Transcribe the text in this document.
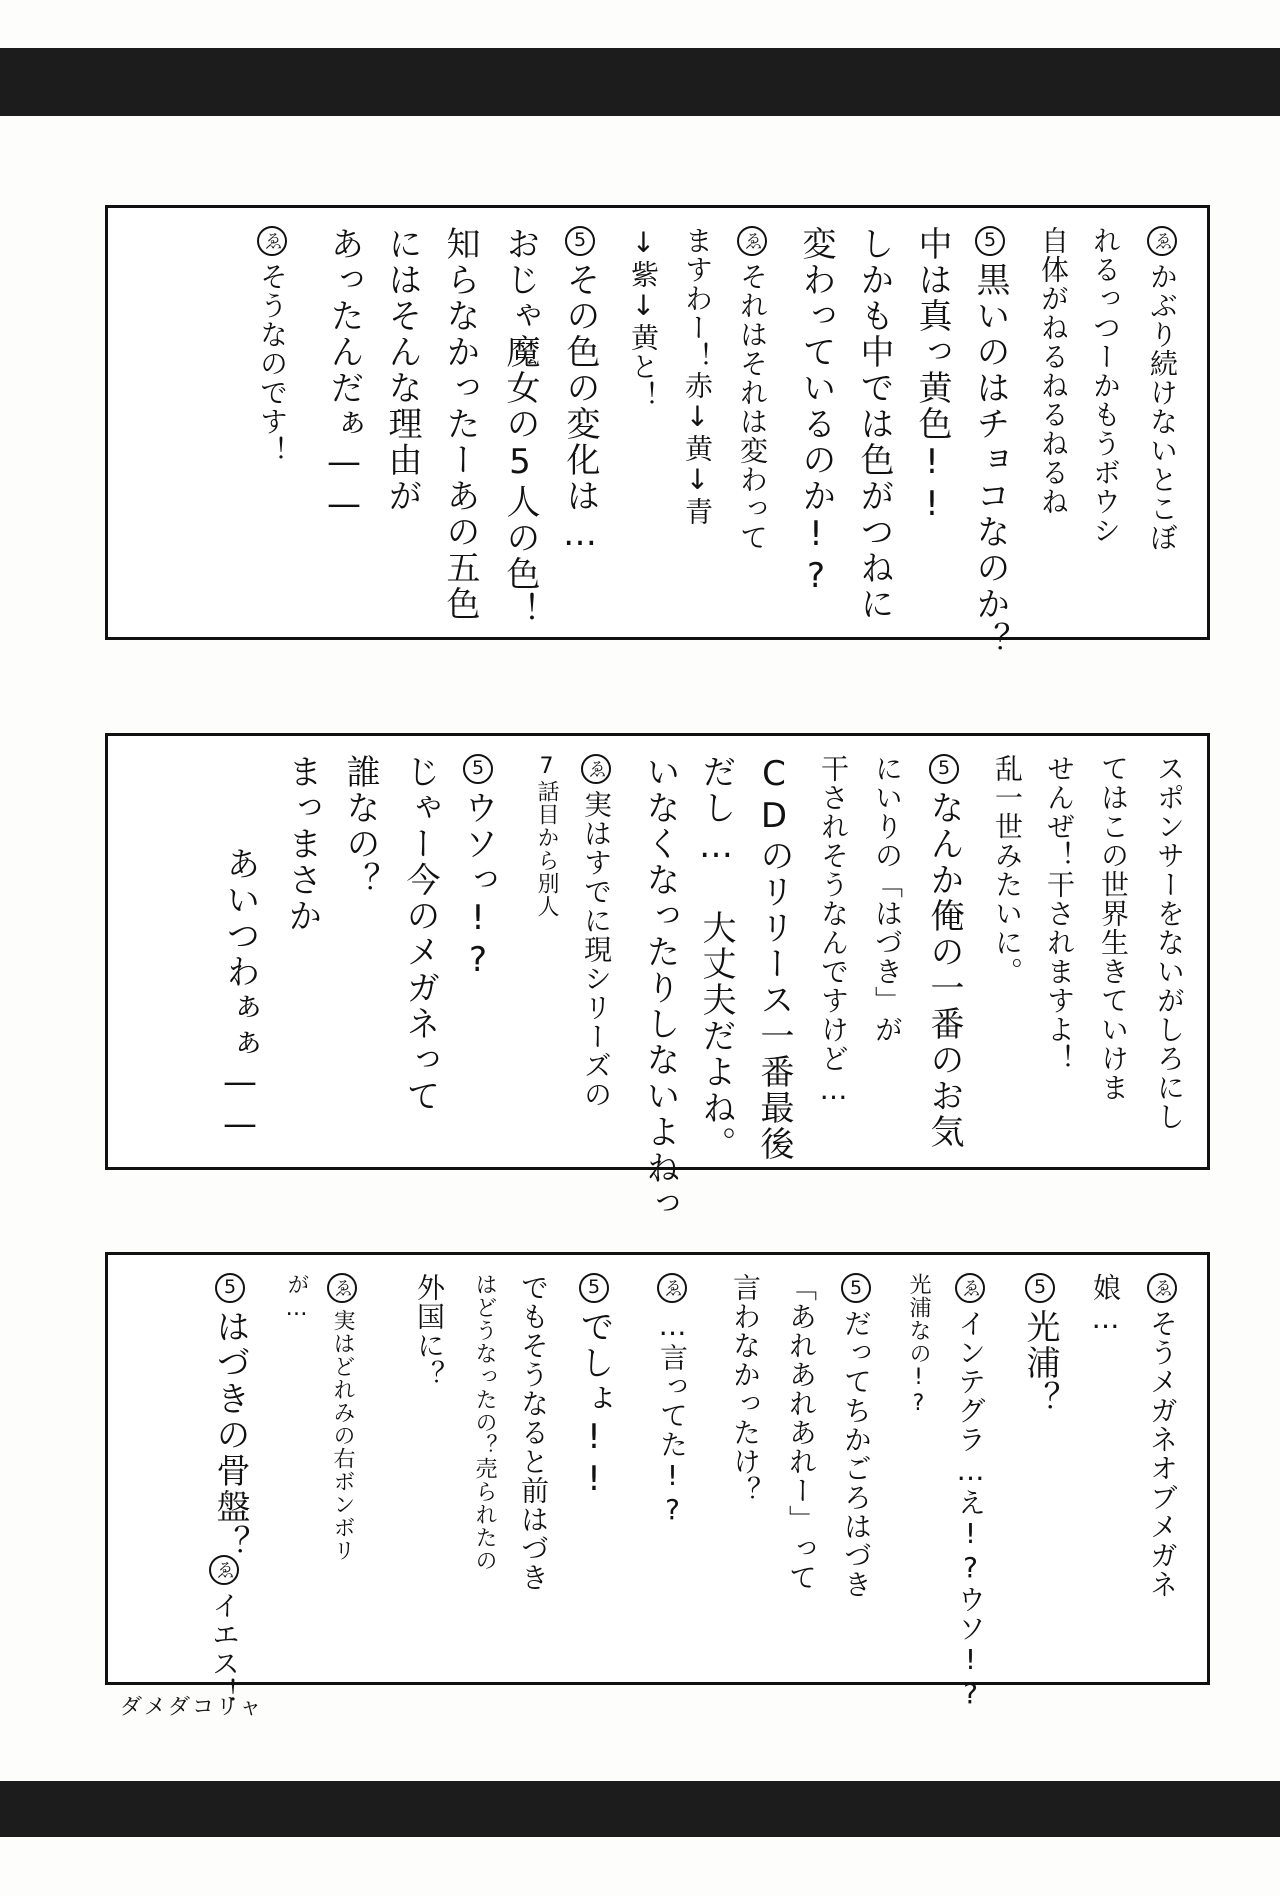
ゑかぶり続けないとこぼ
れるっつーかもうボウシ
自体がねるねるねるね
5黒いのはチョコなのか？
中は真っ黄色!!
しかも中では色がつねに
変わっているのか!?
ゑそれはそれは変わって
ますわー！赤↓黄↓青
↓紫↓黄と！
5その色の変化は…
おじゃ魔女の5人の色！
知らなかったーあの五色
にはそんな理由が
あったんだぁ——
ゑそうなのです！
スポンサーをないがしろにし
てはこの世界生きていけま
せんぜ！干されますよ！
乱一世みたいに。
5なんか俺の一番のお気
にいりの「はづき」が
干されそうなんですけど…
CDのリリース一番最後
だし… 大丈夫だよね。
いなくなったりしないよねっ
ゑ実はすでに現シリーズの
7話目から別人
5ウソっ!?
じゃー今のメガネって
誰なの？
まっまさか
あいつわぁぁ——
ゑそうメガネオブメガネ
娘…
5光浦？
ゑインテグラ…え!?ウソ!?
光浦なの!?
5だってちかごろはづき
「あれあれあれー」って
言わなかったけ？
ゑ…言ってた!?
5でしょ!!
でもそうなると前はづき
はどうなったの？売られたの
外国に？
ゑ実はどれみの右ボンボリ
が…
5はづきの骨盤？
ゑイエス！
ダメダコリャ
